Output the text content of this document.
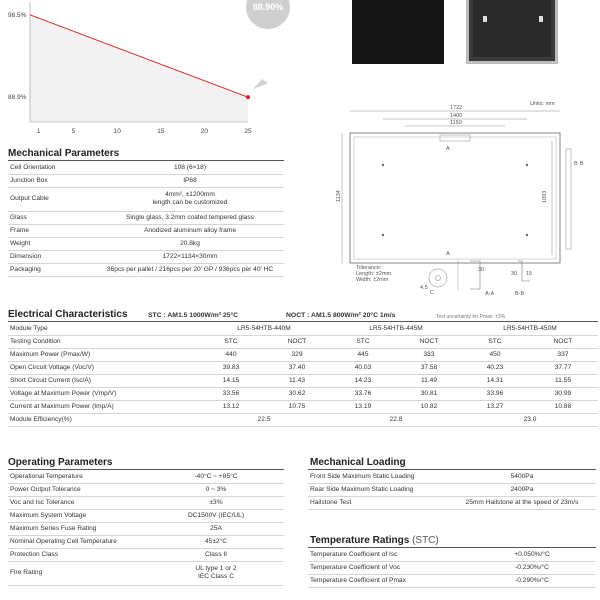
98.5%
88.9%
1	5	10	15	20	25
88.90%
Units: mm
1722
1400
1150
1134	1093
B B
A
A
Tolerance:
Length: ±2mm
Width: ±2mm
4.5
C
30
A-A	B-B
30 15
Mechanical Parameters
Cell Orientation	108 (6×18)
Junction Box	IP68
Output Cable	4mm², ±1200mm
length can be customized

Glass	Single glass, 3.2mm coated tempered glass
Frame	Anodized aluminum alloy frame
Weight	20.8kg
Dimension	1722×1134×30mm
Packaging	36pcs per pallet / 216pcs per 20' GP / 936pcs per 40' HC
Electrical Characteristics	STC : AM1.5 1000W/m² 25°C	NOCT : AM1.5 800W/m² 20°C 1m/s	Test uncertainty for Pmax: ±3%
Module Type	LR5-54HTB-440M		LR5-54HTB-445M		LR5-54HTB-450M	
Testing Condition	STC	NOCT	STC	NOCT	STC	NOCT
Maximum Power (Pmax/W)	440	329	445	333	450	337
Open Circuit Voltage (Voc/V)	39.83	37.40	40.03	37.58	40.23	37.77
Short Circuit Current (Isc/A)	14.15	11.43	14.23	11.49	14.31	11.55
Voltage at Maximum Power (Vmp/V)	33.56	30.62	33.76	30.81	33.96	30.99
Current at Maximum Power (Imp/A)	13.12	10.75	13.19	10.82	13.27	10.88
Module Efficiency(%)	22.5		22.8		23.0	
Operating Parameters
Operational Temperature	-40°C ~ +85°C
Power Output Tolerance	0 ~ 3%
Voc and Isc Tolerance	±3%
Maximum System Voltage	DC1500V (IEC/UL)
Maximum Series Fuse Rating	25A
Nominal Operating Cell Temperature	45±2°C
Protection Class	Class II
Fire Rating	UL type 1 or 2
IEC Class C
Mechanical Loading
Front Side Maximum Static Loading	5400Pa
Rear Side Maximum Static Loading	2400Pa
Hailstone Test	25mm Hailstone at the speed of 23m/s
Temperature Ratings (STC)
Temperature Coefficient of Isc	+0.050%/°C
Temperature Coefficient of Voc	-0.230%/°C
Temperature Coefficient of Pmax	-0.290%/°C
